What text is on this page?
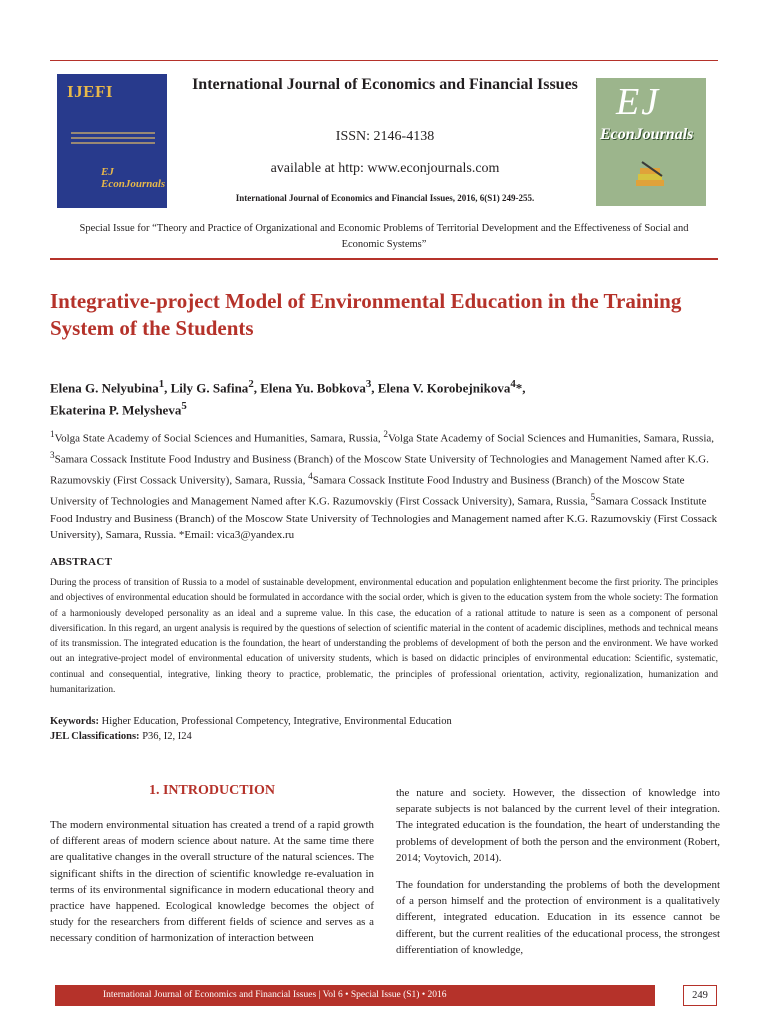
IJEFI
EJ EconJournals
International Journal of Economics and Financial Issues
ISSN: 2146-4138
available at http: www.econjournals.com
International Journal of Economics and Financial Issues, 2016, 6(S1) 249-255.
EJ
EconJournals
Special Issue for “Theory and Practice of Organizational and Economic Problems of Territorial Development and the Effectiveness of Social and Economic Systems”
Integrative-project Model of Environmental Education in the Training System of the Students
Elena G. Nelyubina$^1$, Lily G. Safina$^2$, Elena Yu. Bobkova$^3$, Elena V. Korobejnikova$^4$*,
Ekaterina P. Melysheva$^5$
$^1$Volga State Academy of Social Sciences and Humanities, Samara, Russia, $^2$Volga State Academy of Social Sciences and Humanities, Samara, Russia, $^3$Samara Cossack Institute Food Industry and Business (Branch) of the Moscow State University of Technologies and Management Named after K.G. Razumovskiy (First Cossack University), Samara, Russia, $^4$Samara Cossack Institute Food Industry and Business (Branch) of the Moscow State University of Technologies and Management Named after K.G. Razumovskiy (First Cossack University), Samara, Russia, $^5$Samara Cossack Institute Food Industry and Business (Branch) of the Moscow State University of Technologies and Management named after K.G. Razumovskiy (First Cossack University), Samara, Russia. *Email: vica3@yandex.ru
ABSTRACT
During the process of transition of Russia to a model of sustainable development, environmental education and population enlightenment become the first priority. The principles and objectives of environmental education should be formulated in accordance with the social order, which is given to the education system from the whole society: The formation of a harmoniously developed personality as an ideal and a supreme value. In this case, the education of a rational attitude to nature is seen as a component of personal diversification. In this regard, an urgent analysis is required by the questions of selection of scientific material in the content of academic disciplines, methods and technical means of its transmission. The integrated education is the foundation, the heart of understanding the problems of development of both the person and the environment. We have worked out an integrative-project model of environmental education of university students, which is based on didactic principles of environmental education: Scientific, systematic, continual and consequential, integrative, linking theory to practice, problematic, the principles of professional orientation, activity, regionalization, humanization and humanitarization.
Keywords: Higher Education, Professional Competency, Integrative, Environmental Education
JEL Classifications: P36, I2, I24
1. INTRODUCTION
The modern environmental situation has created a trend of a rapid growth of different areas of modern science about nature. At the same time there are qualitative changes in the overall structure of the natural sciences. The significant shifts in the direction of scientific knowledge re-evaluation in terms of its environmental significance in modern educational theory and practice have happened. Ecological knowledge becomes the object of study for the researchers from different fields of science and serves as a necessary condition of harmonization of interaction between
the nature and society. However, the dissection of knowledge into separate subjects is not balanced by the current level of their integration. The integrated education is the foundation, the heart of understanding the problems of development of both the person and the environment (Robert, 2014; Voytovich, 2014).
The foundation for understanding the problems of both the development of a person himself and the protection of environment is a qualitatively different, integrated education. Education in its essence cannot be different, but the current realities of the educational process, the strongest differentiation of knowledge,
International Journal of Economics and Financial Issues | Vol 6 • Special Issue (S1) • 2016	249
